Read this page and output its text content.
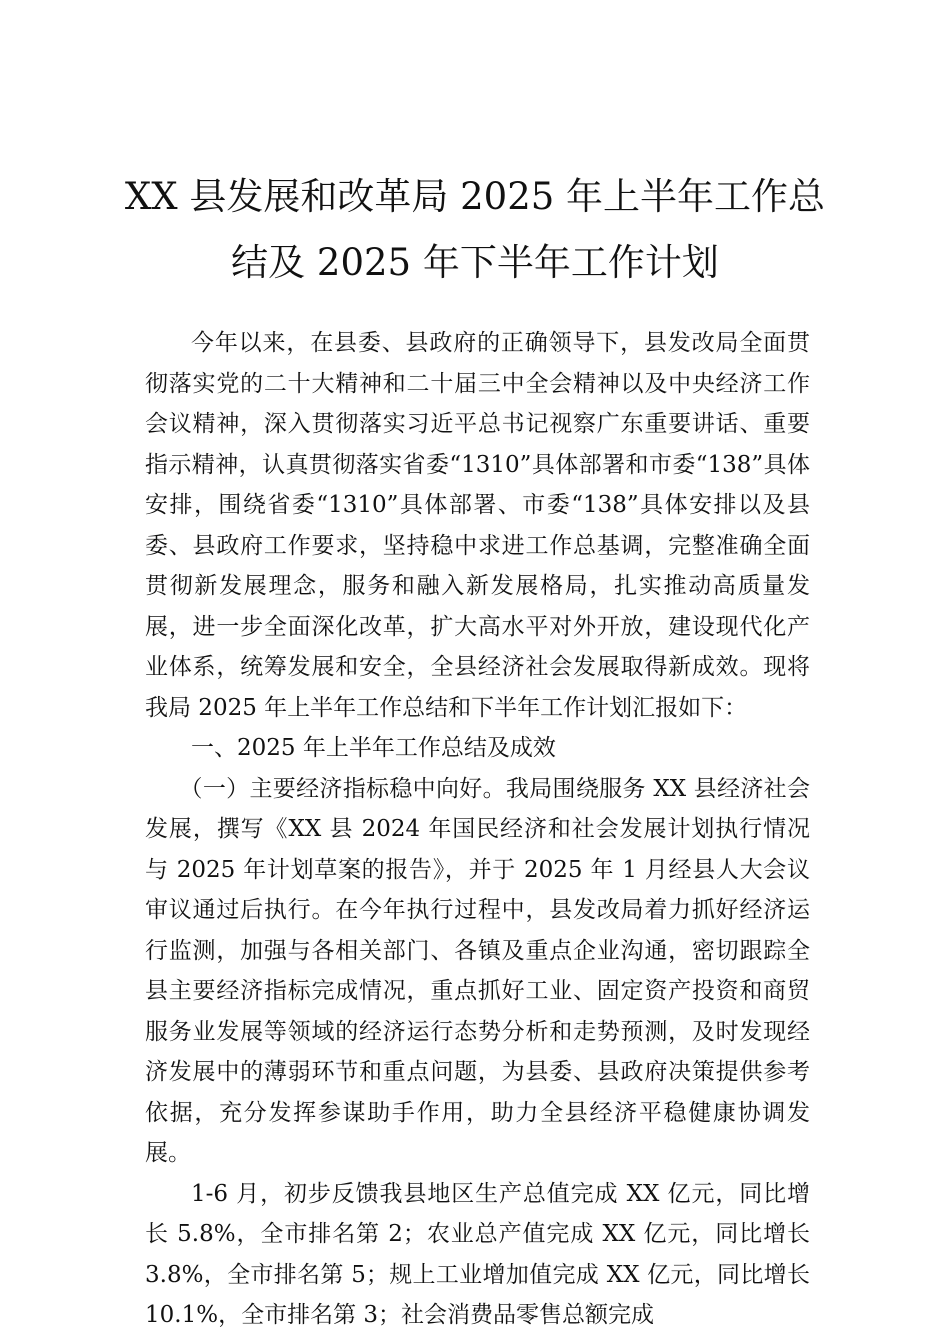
XX 县发展和改革局 2025 年上半年工作总
结及 2025 年下半年工作计划

今年以来，在县委、县政府的正确领导下，县发改局全面贯彻落实党的二十大精神和二十届三中全会精神以及中央经济工作会议精神，深入贯彻落实习近平总书记视察广东重要讲话、重要指示精神，认真贯彻落实省委“1310”具体部署和市委“138”具体安排，围绕省委“1310”具体部署、市委“138”具体安排以及县委、县政府工作要求，坚持稳中求进工作总基调，完整准确全面贯彻新发展理念，服务和融入新发展格局，扎实推动高质量发展，进一步全面深化改革，扩大高水平对外开放，建设现代化产业体系，统筹发展和安全，全县经济社会发展取得新成效。现将我局 2025 年上半年工作总结和下半年工作计划汇报如下：

一、2025 年上半年工作总结及成效

（一）主要经济指标稳中向好。我局围绕服务 XX 县经济社会发展，撰写《XX 县 2024 年国民经济和社会发展计划执行情况与 2025 年计划草案的报告》，并于 2025 年 1 月经县人大会议审议通过后执行。在今年执行过程中，县发改局着力抓好经济运行监测，加强与各相关部门、各镇及重点企业沟通，密切跟踪全县主要经济指标完成情况，重点抓好工业、固定资产投资和商贸服务业发展等领域的经济运行态势分析和走势预测，及时发现经济发展中的薄弱环节和重点问题，为县委、县政府决策提供参考依据，充分发挥参谋助手作用，助力全县经济平稳健康协调发展。

1-6 月，初步反馈我县地区生产总值完成 XX 亿元，同比增长 5.8%，全市排名第 2；农业总产值完成 XX 亿元，同比增长 3.8%，全市排名第 5；规上工业增加值完成 XX 亿元，同比增长 10.1%，全市排名第 3；社会消费品零售总额完成
